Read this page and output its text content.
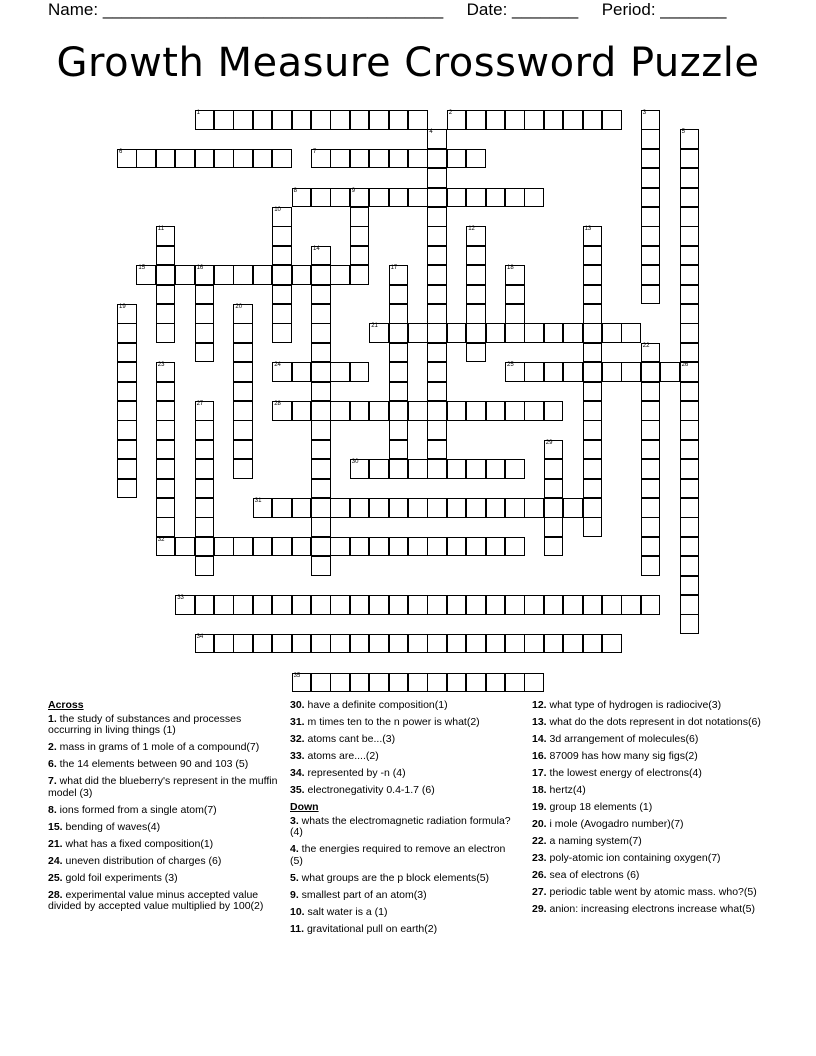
Name: ____________________________________ Date: _______ Period: _______
Growth Measure Crossword Puzzle
1
2
3
4
5
6
7
8
9
10
11
12
13
14
15
16
17
18
19
20
21
22
23
24
25
26
27
28
29
30
31
32
33
34
35
Across
1. the study of substances and processes occurring in living things (1)
2. mass in grams of 1 mole of a compound(7)
6. the 14 elements between 90 and 103 (5)
7. what did the blueberry's represent in the muffin model (3)
8. ions formed from a single atom(7)
15. bending of waves(4)
21. what has a fixed composition(1)
24. uneven distribution of charges (6)
25. gold foil experiments (3)
28. experimental value minus accepted value divided by accepted value multiplied by 100(2)
30. have a definite composition(1)
31. m times ten to the n power is what(2)
32. atoms cant be...(3)
33. atoms are....(2)
34. represented by -n (4)
35. electronegativity 0.4-1.7 (6)
Down
3. whats the electromagnetic radiation formula? (4)
4. the energies required to remove an electron (5)
5. what groups are the p block elements(5)
9. smallest part of an atom(3)
10. salt water is a (1)
11. gravitational pull on earth(2)
12. what type of hydrogen is radiocive(3)
13. what do the dots represent in dot notations(6)
14. 3d arrangement of molecules(6)
16. 87009 has how many sig figs(2)
17. the lowest energy of electrons(4)
18. hertz(4)
19. group 18 elements (1)
20. i mole (Avogadro number)(7)
22. a naming system(7)
23. poly-atomic ion containing oxygen(7)
26. sea of electrons (6)
27. periodic table went by atomic mass. who?(5)
29. anion: increasing electrons increase what(5)
